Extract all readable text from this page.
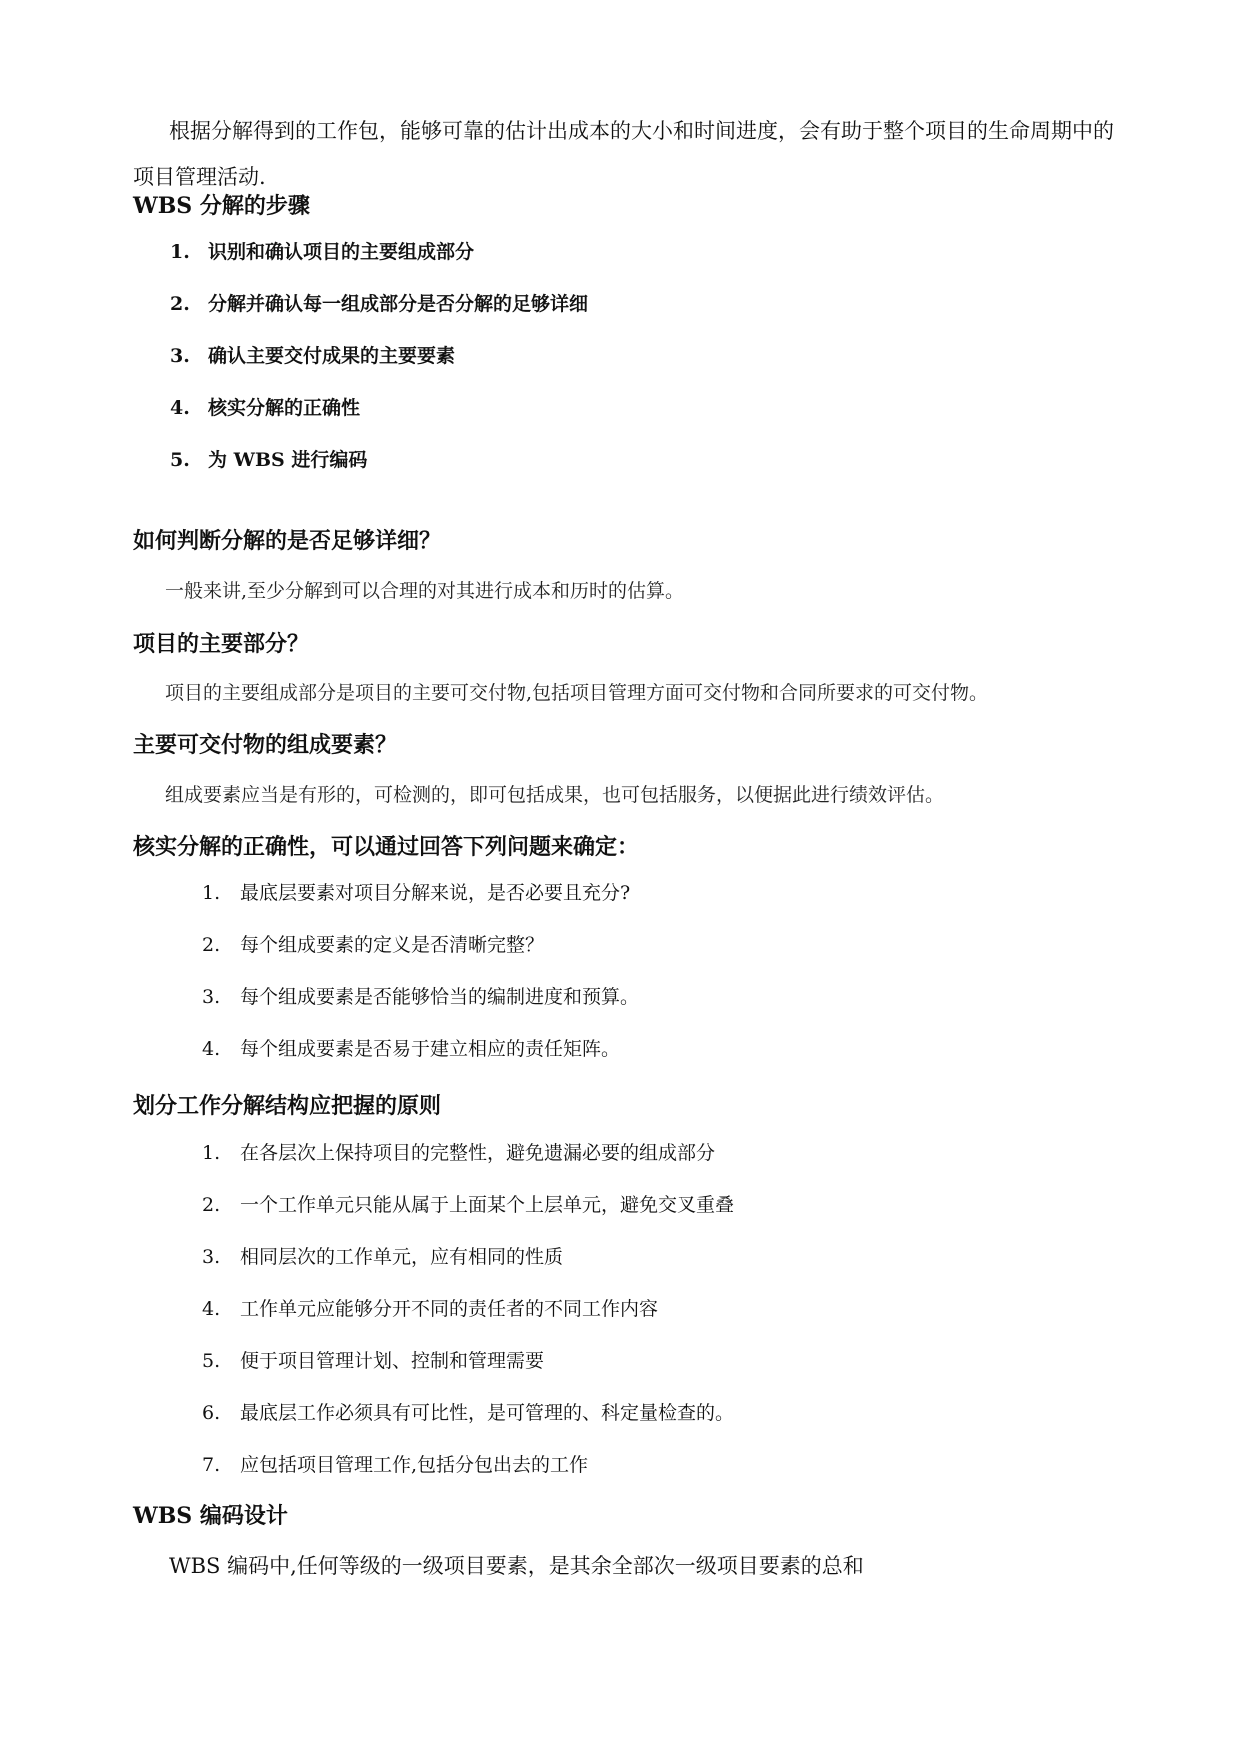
根据分解得到的工作包，能够可靠的估计出成本的大小和时间进度，会有助于整个项目的生命周期中的项目管理活动.

WBS 分解的步骤
1. 识别和确认项目的主要组成部分
2. 分解并确认每一组成部分是否分解的足够详细
3. 确认主要交付成果的主要要素
4. 核实分解的正确性
5. 为 WBS 进行编码
如何判断分解的是否足够详细？

一般来讲,至少分解到可以合理的对其进行成本和历时的估算。

项目的主要部分？

项目的主要组成部分是项目的主要可交付物,包括项目管理方面可交付物和合同所要求的可交付物。

主要可交付物的组成要素？

组成要素应当是有形的，可检测的，即可包括成果，也可包括服务，以便据此进行绩效评估。

核实分解的正确性，可以通过回答下列问题来确定：
1.	最底层要素对项目分解来说，是否必要且充分?
2.	每个组成要素的定义是否清晰完整？
3.	每个组成要素是否能够恰当的编制进度和预算。
4.	每个组成要素是否易于建立相应的责任矩阵。
划分工作分解结构应把握的原则
1.	在各层次上保持项目的完整性，避免遗漏必要的组成部分
2.	一个工作单元只能从属于上面某个上层单元，避免交叉重叠
3.	相同层次的工作单元，应有相同的性质
4.	工作单元应能够分开不同的责任者的不同工作内容
5.	便于项目管理计划、控制和管理需要
6.	最底层工作必须具有可比性，是可管理的、科定量检查的。
7.	应包括项目管理工作,包括分包出去的工作
WBS 编码设计

WBS 编码中,任何等级的一级项目要素，是其余全部次一级项目要素的总和
